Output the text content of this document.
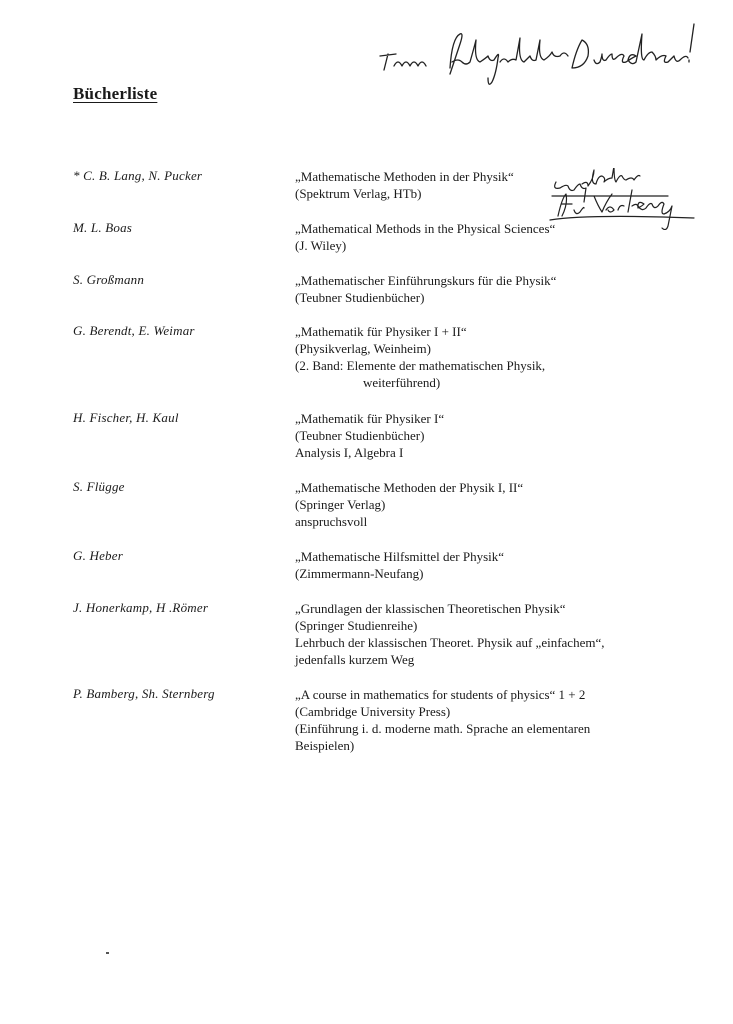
Bücherliste
* C. B. Lang, N. Pucker	„Mathematische Methoden in der Physik“
(Spektrum Verlag, HTb)
M. L. Boas	„Mathematical Methods in the Physical Sciences“
(J. Wiley)
S. Großmann	„Mathematischer Einführungskurs für die Physik“
(Teubner Studienbücher)
G. Berendt, E. Weimar	„Mathematik für Physiker I + II“
(Physikverlag, Weinheim)
(2. Band: Elemente der mathematischen Physik,
weiterführend)
H. Fischer, H. Kaul	„Mathematik für Physiker I“
(Teubner Studienbücher)
Analysis I, Algebra I
S. Flügge	„Mathematische Methoden der Physik I, II“
(Springer Verlag)
anspruchsvoll
G. Heber	„Mathematische Hilfsmittel der Physik“
(Zimmermann-Neufang)
J. Honerkamp, H .Römer	„Grundlagen der klassischen Theoretischen Physik“
(Springer Studienreihe)
Lehrbuch der klassischen Theoret. Physik auf „einfachem“,
jedenfalls kurzem Weg
P. Bamberg, Sh. Sternberg	„A course in mathematics for students of physics“ 1 + 2
(Cambridge University Press)
(Einführung i. d. moderne math. Sprache an elementaren
Beispielen)
